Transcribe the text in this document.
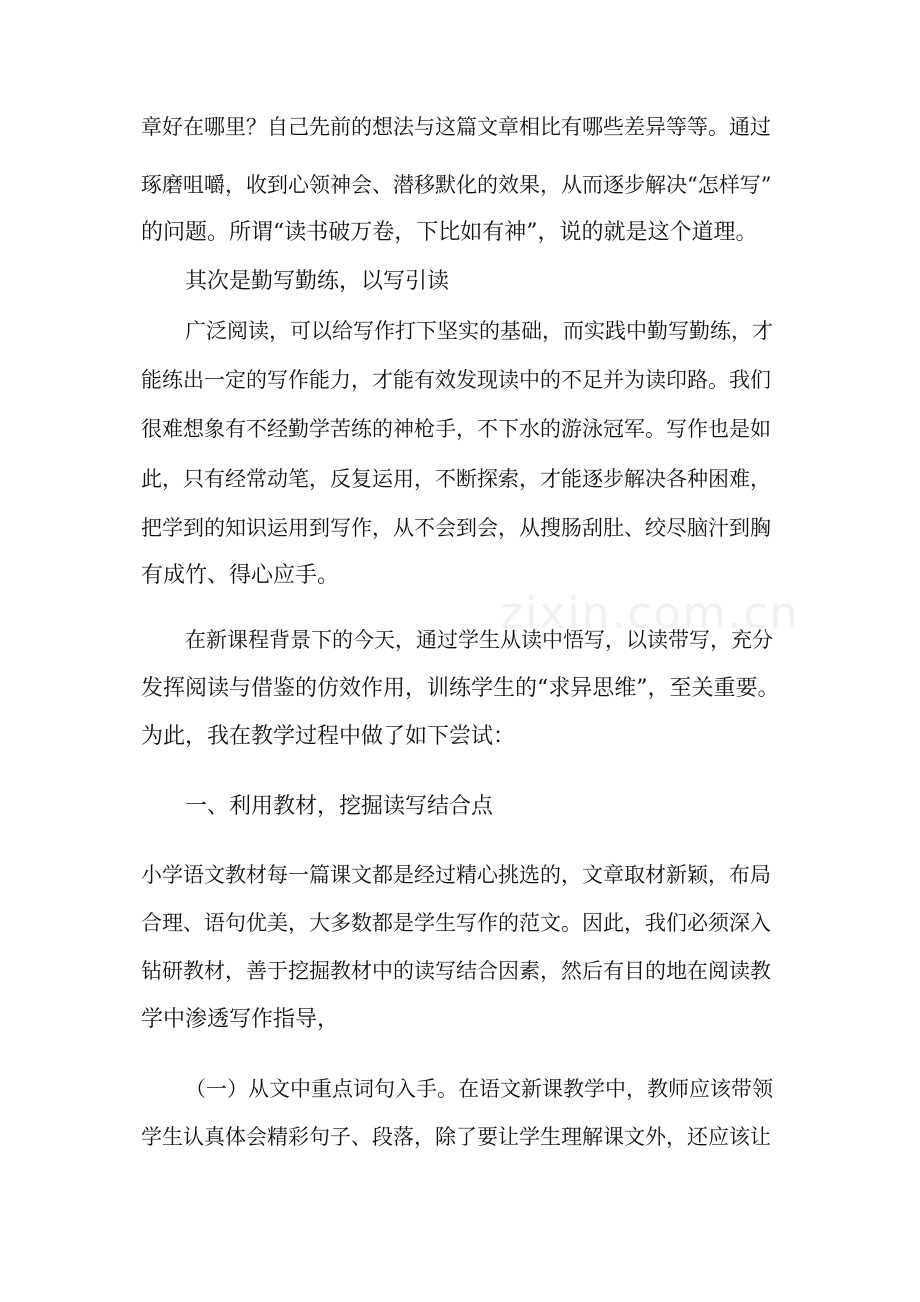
zixin.com.cn
章好在哪里？自己先前的想法与这篇文章相比有哪些差异等等。通过
琢磨咀嚼，收到心领神会、潜移默化的效果，从而逐步解决“怎样写”
的问题。所谓“读书破万卷，下比如有神”，说的就是这个道理。
其次是勤写勤练，以写引读
广泛阅读，可以给写作打下坚实的基础，而实践中勤写勤练，才
能练出一定的写作能力，才能有效发现读中的不足并为读印路。我们
很难想象有不经勤学苦练的神枪手，不下水的游泳冠军。写作也是如
此，只有经常动笔，反复运用，不断探索，才能逐步解决各种困难，
把学到的知识运用到写作，从不会到会，从搜肠刮肚、绞尽脑汁到胸
有成竹、得心应手。
在新课程背景下的今天，通过学生从读中悟写，以读带写，充分
发挥阅读与借鉴的仿效作用，训练学生的“求异思维”，至关重要。
为此，我在教学过程中做了如下尝试：
一、利用教材，挖掘读写结合点
小学语文教材每一篇课文都是经过精心挑选的，文章取材新颖，布局
合理、语句优美，大多数都是学生写作的范文。因此，我们必须深入
钻研教材，善于挖掘教材中的读写结合因素，然后有目的地在阅读教
学中渗透写作指导，
（一）从文中重点词句入手。在语文新课教学中，教师应该带领
学生认真体会精彩句子、段落，除了要让学生理解课文外，还应该让
